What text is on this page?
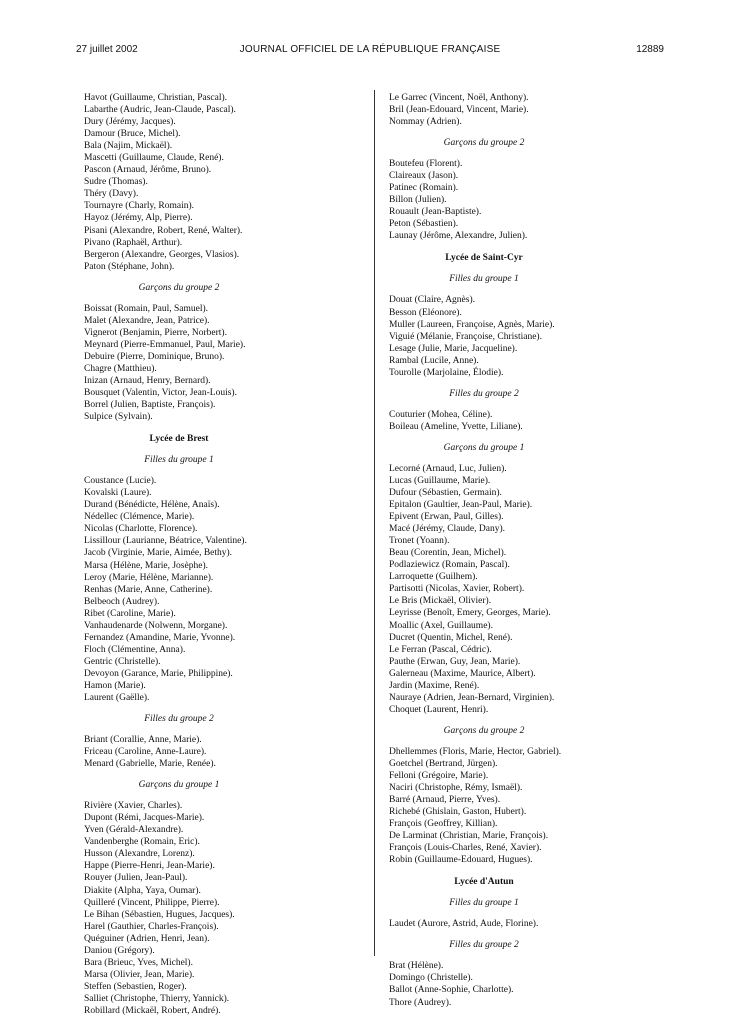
27 juillet 2002	JOURNAL OFFICIEL DE LA RÉPUBLIQUE FRANÇAISE	12889
Havot (Guillaume, Christian, Pascal).
Labarthe (Audric, Jean-Claude, Pascal).
Dury (Jérémy, Jacques).
Damour (Bruce, Michel).
Bala (Najim, Mickaël).
Mascetti (Guillaume, Claude, René).
Pascon (Arnaud, Jérôme, Bruno).
Sudre (Thomas).
Théry (Davy).
Tournayre (Charly, Romain).
Hayoz (Jérémy, Alp, Pierre).
Pisani (Alexandre, Robert, René, Walter).
Pivano (Raphaël, Arthur).
Bergeron (Alexandre, Georges, Vlasios).
Paton (Stéphane, John).
Garçons du groupe 2
Boissat (Romain, Paul, Samuel).
Malet (Alexandre, Jean, Patrice).
Vignerot (Benjamin, Pierre, Norbert).
Meynard (Pierre-Emmanuel, Paul, Marie).
Debuire (Pierre, Dominique, Bruno).
Chagre (Matthieu).
Inizan (Arnaud, Henry, Bernard).
Bousquet (Valentin, Victor, Jean-Louis).
Borrel (Julien, Baptiste, François).
Sulpice (Sylvain).
Lycée de Brest
Filles du groupe 1
Coustance (Lucie).
Kovalski (Laure).
Durand (Bénédicte, Hélène, Anaïs).
Nédellec (Clémence, Marie).
Nicolas (Charlotte, Florence).
Lissillour (Laurianne, Béatrice, Valentine).
Jacob (Virginie, Marie, Aimée, Bethy).
Marsa (Hélène, Marie, Josèphe).
Leroy (Marie, Hélène, Marianne).
Renhas (Marie, Anne, Catherine).
Belbeoch (Audrey).
Ribet (Caroline, Marie).
Vanhaudenarde (Nolwenn, Morgane).
Fernandez (Amandine, Marie, Yvonne).
Floch (Clémentine, Anna).
Gentric (Christelle).
Devoyon (Garance, Marie, Philippine).
Hamon (Marie).
Laurent (Gaëlle).
Filles du groupe 2
Briant (Corallie, Anne, Marie).
Friceau (Caroline, Anne-Laure).
Menard (Gabrielle, Marie, Renée).
Garçons du groupe 1
Rivière (Xavier, Charles).
Dupont (Rémi, Jacques-Marie).
Yven (Gérald-Alexandre).
Vandenberghe (Romain, Eric).
Husson (Alexandre, Lorenz).
Happe (Pierre-Henri, Jean-Marie).
Rouyer (Julien, Jean-Paul).
Diakite (Alpha, Yaya, Oumar).
Quilleré (Vincent, Philippe, Pierre).
Le Bihan (Sébastien, Hugues, Jacques).
Harel (Gauthier, Charles-François).
Quéguiner (Adrien, Henri, Jean).
Daniou (Grégory).
Bara (Brieuc, Yves, Michel).
Marsa (Olivier, Jean, Marie).
Steffen (Sebastien, Roger).
Salliet (Christophe, Thierry, Yannick).
Robillard (Mickaël, Robert, André).
Le Garrec (Vincent, Noël, Anthony).
Bril (Jean-Edouard, Vincent, Marie).
Nommay (Adrien).
Garçons du groupe 2
Boutefeu (Florent).
Claireaux (Jason).
Patinec (Romain).
Billon (Julien).
Rouault (Jean-Baptiste).
Peton (Sébastien).
Launay (Jérôme, Alexandre, Julien).
Lycée de Saint-Cyr
Filles du groupe 1
Douat (Claire, Agnès).
Besson (Eléonore).
Muller (Laureen, Françoise, Agnès, Marie).
Viguié (Mélanie, Françoise, Christiane).
Lesage (Julie, Marie, Jacqueline).
Rambal (Lucile, Anne).
Tourolle (Marjolaine, Élodie).
Filles du groupe 2
Couturier (Mohea, Céline).
Boileau (Ameline, Yvette, Liliane).
Garçons du groupe 1
Lecorné (Arnaud, Luc, Julien).
Lucas (Guillaume, Marie).
Dufour (Sébastien, Germain).
Epitalon (Gaultier, Jean-Paul, Marie).
Epivent (Erwan, Paul, Gilles).
Macé (Jérémy, Claude, Dany).
Tronet (Yoann).
Beau (Corentin, Jean, Michel).
Podlaziewicz (Romain, Pascal).
Larroquette (Guilhem).
Partisotti (Nicolas, Xavier, Robert).
Le Bris (Mickaël, Olivier).
Leyrisse (Benoît, Emery, Georges, Marie).
Moallic (Axel, Guillaume).
Ducret (Quentin, Michel, René).
Le Ferran (Pascal, Cédric).
Pauthe (Erwan, Guy, Jean, Marie).
Galerneau (Maxime, Maurice, Albert).
Jardin (Maxime, René).
Nauraye (Adrien, Jean-Bernard, Virginien).
Choquet (Laurent, Henri).
Garçons du groupe 2
Dhellemmes (Floris, Marie, Hector, Gabriel).
Goetchel (Bertrand, Jürgen).
Felloni (Grégoire, Marie).
Naciri (Christophe, Rémy, Ismaël).
Barré (Arnaud, Pierre, Yves).
Richebé (Ghislain, Gaston, Hubert).
François (Geoffrey, Killian).
De Larminat (Christian, Marie, François).
François (Louis-Charles, René, Xavier).
Robin (Guillaume-Edouard, Hugues).
Lycée d'Autun
Filles du groupe 1
Laudet (Aurore, Astrid, Aude, Florine).
Filles du groupe 2
Brat (Hélène).
Domingo (Christelle).
Ballot (Anne-Sophie, Charlotte).
Thore (Audrey).
